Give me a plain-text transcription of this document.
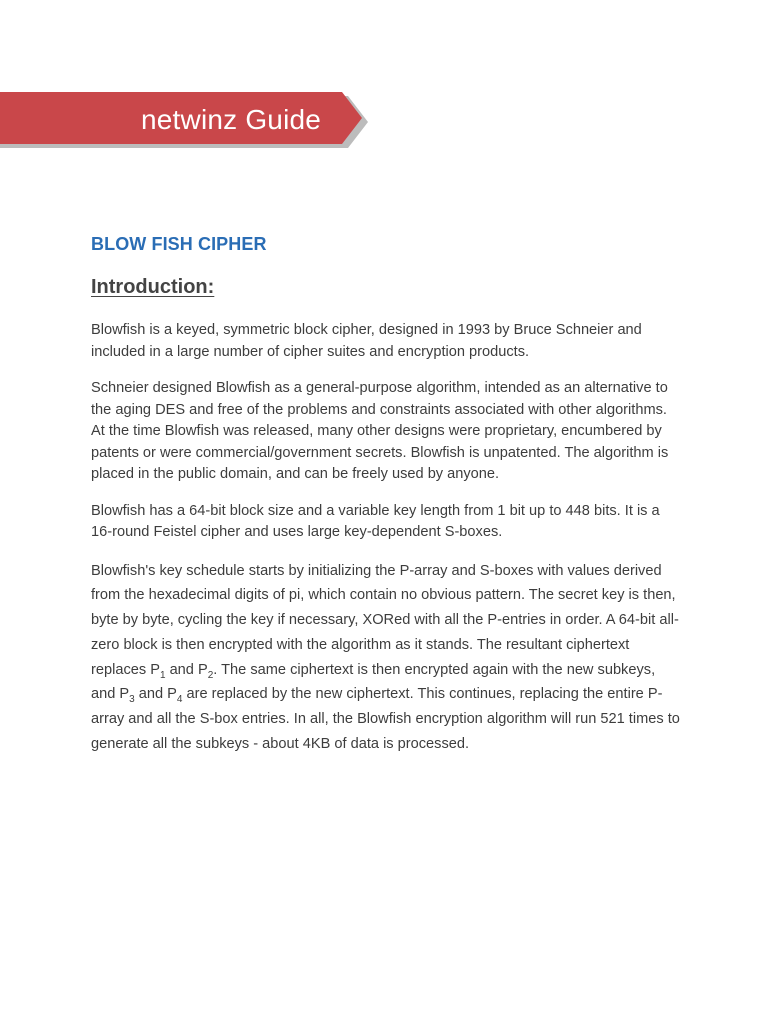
netwinz Guide
BLOW FISH CIPHER
Introduction:

Blowfish is a keyed, symmetric block cipher, designed in 1993 by Bruce Schneier and included in a large number of cipher suites and encryption products.

Schneier designed Blowfish as a general-purpose algorithm, intended as an alternative to the aging DES and free of the problems and constraints associated with other algorithms. At the time Blowfish was released, many other designs were proprietary, encumbered by patents or were commercial/government secrets. Blowfish is unpatented. The algorithm is placed in the public domain, and can be freely used by anyone.

Blowfish has a 64-bit block size and a variable key length from 1 bit up to 448 bits. It is a 16-round Feistel cipher and uses large key-dependent S-boxes.

Blowfish's key schedule starts by initializing the P-array and S-boxes with values derived from the hexadecimal digits of pi, which contain no obvious pattern. The secret key is then, byte by byte, cycling the key if necessary, XORed with all the P-entries in order. A 64-bit all-zero block is then encrypted with the algorithm as it stands. The resultant ciphertext replaces $P_1$ and $P_2$. The same ciphertext is then encrypted again with the new subkeys, and $P_3$ and $P_4$ are replaced by the new ciphertext. This continues, replacing the entire P-array and all the S-box entries. In all, the Blowfish encryption algorithm will run 521 times to generate all the subkeys - about 4KB of data is processed.
